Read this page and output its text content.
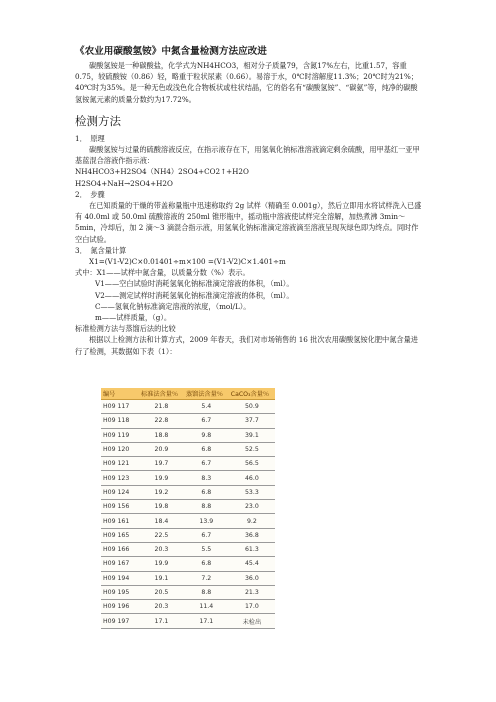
《农业用碳酸氢铵》中氮含量检测方法应改进

碳酸氢铵是一种碳酸盐，化学式为NH4HCO3，相对分子质量79，含氮17%左右，比重1.57，容重0.75，较硫酸铵（0.86）轻，略重于粒状尿素（0.66）。易溶于水，0℃时溶解度11.3%；20℃时为21%；40℃时为35%。是一种无色或浅色化合物板状或柱状结晶，它的俗名有“碳酸氢铵”、“碳氨”等，纯净的碳酸氢铵氮元素的质量分数约为17.72%。

检测方法

1．　原理

碳酸氢铵与过量的硫酸溶液反应，在指示液存在下，用氢氧化钠标准溶液滴定剩余硫酸，用甲基红一亚甲基蓝混合溶液作指示液：

NH4HCO3+H2SO4（NH4）2SO4+CO2↑+H2O

H2SO4+NaH→2SO4+H2O

2．　步骤

在已知质量的干燥的带盖称量瓶中迅速称取约 2g 试样（精确至 0.001g），然后立即用水将试样洗入已盛有 40.0ml 或 50.0ml 硫酸溶液的 250ml 锥形瓶中，摇动瓶中溶液使试样完全溶解，加热煮沸 3min～5min，冷却后，加 2 滴～3 滴混合指示液，用氢氧化钠标准滴定溶液滴至溶液呈现灰绿色即为终点。同时作空白试验。

3．　氮含量计算

X1=(V1-V2)C×0.01401÷m×100 =(V1-V2)C×1.401÷m

式中：X1——试样中氮含量，以质量分数（%）表示。

V1——空白试验时消耗氢氧化钠标准滴定溶液的体积，（ml）。

V2——测定试样时消耗氢氧化钠标准滴定溶液的体积，（ml）。

C——氢氧化钠标准滴定溶液的浓度，（mol/L）。

m——试样质量，（g）。

标准检测方法与蒸馏后法的比较

根据以上检测方法和计算方式，2009 年春天，我们对市场销售的 16 批次农用碳酸氢铵化肥中氮含量进行了检测，其数据如下表（1）：

编号	标准法含量％	蒸馏法含量％	CaCO₃含量％
H09 117	21.8	5.4	50.9
H09 118	22.8	6.7	37.7
H09 119	18.8	9.8	39.1
H09 120	20.9	6.8	52.5
H09 121	19.7	6.7	56.5
H09 123	19.9	8.3	46.0
H09 124	19.2	6.8	53.3
H09 156	19.8	8.8	23.0
H09 161	18.4	13.9	9.2
H09 165	22.5	6.7	36.8
H09 166	20.3	5.5	61.3
H09 167	19.9	6.8	45.4
H09 194	19.1	7.2	36.0
H09 195	20.5	8.8	21.3
H09 196	20.3	11.4	17.0
H09 197	17.1	17.1	未检出
